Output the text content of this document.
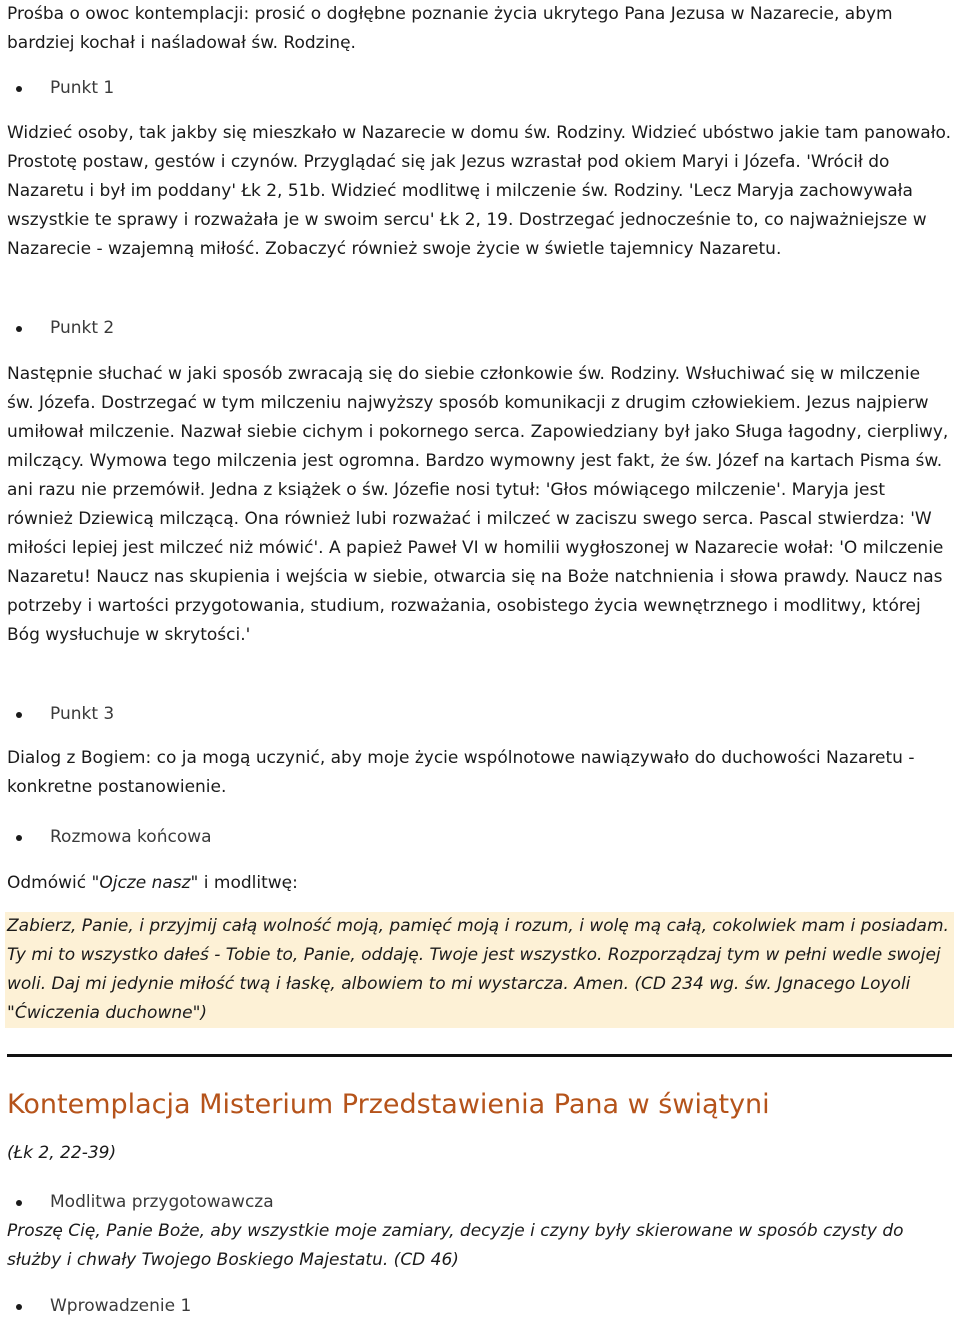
Prośba o owoc kontemplacji: prosić o dogłębne poznanie życia ukrytego Pana Jezusa w Nazarecie, abym bardziej kochał i naśladował św. Rodzinę.

Punkt 1

Widzieć osoby, tak jakby się mieszkało w Nazarecie w domu św. Rodziny. Widzieć ubóstwo jakie tam panowało. Prostotę postaw, gestów i czynów. Przyglądać się jak Jezus wzrastał pod okiem Maryi i Józefa. 'Wrócił do Nazaretu i był im poddany' Łk 2, 51b. Widzieć modlitwę i milczenie św. Rodziny. 'Lecz Maryja zachowywała wszystkie te sprawy i rozważała je w swoim sercu' Łk 2, 19. Dostrzegać jednocześnie to, co najważniejsze w Nazarecie - wzajemną miłość. Zobaczyć również swoje życie w świetle tajemnicy Nazaretu.

Punkt 2

Następnie słuchać w jaki sposób zwracają się do siebie członkowie św. Rodziny. Wsłuchiwać się w milczenie św. Józefa. Dostrzegać w tym milczeniu najwyższy sposób komunikacji z drugim człowiekiem. Jezus najpierw umiłował milczenie. Nazwał siebie cichym i pokornego serca. Zapowiedziany był jako Sługa łagodny, cierpliwy, milczący. Wymowa tego milczenia jest ogromna. Bardzo wymowny jest fakt, że św. Józef na kartach Pisma św. ani razu nie przemówił. Jedna z książek o św. Józefie nosi tytuł: 'Głos mówiącego milczenie'. Maryja jest również Dziewicą milczącą. Ona również lubi rozważać i milczeć w zaciszu swego serca. Pascal stwierdza: 'W miłości lepiej jest milczeć niż mówić'. A papież Paweł VI w homilii wygłoszonej w Nazarecie wołał: 'O milczenie Nazaretu! Naucz nas skupienia i wejścia w siebie, otwarcia się na Boże natchnienia i słowa prawdy. Naucz nas potrzeby i wartości przygotowania, studium, rozważania, osobistego życia wewnętrznego i modlitwy, której Bóg wysłuchuje w skrytości.'

Punkt 3

Dialog z Bogiem: co ja mogą uczynić, aby moje życie wspólnotowe nawiązywało do duchowości Nazaretu - konkretne postanowienie.

Rozmowa końcowa

Odmówić "Ojcze nasz" i modlitwę:

Zabierz, Panie, i przyjmij całą wolność moją, pamięć moją i rozum, i wolę mą całą, cokolwiek mam i posiadam. Ty mi to wszystko dałeś - Tobie to, Panie, oddaję. Twoje jest wszystko. Rozporządzaj tym w pełni wedle swojej woli. Daj mi jedynie miłość twą i łaskę, albowiem to mi wystarcza. Amen. (CD 234 wg. św. Jgnacego Loyoli "Ćwiczenia duchowne")

Kontemplacja Misterium Przedstawienia Pana w świątyni

(Łk 2, 22-39)

Modlitwa przygotowawcza

Proszę Cię, Panie Boże, aby wszystkie moje zamiary, decyzje i czyny były skierowane w sposób czysty do służby i chwały Twojego Boskiego Majestatu. (CD 46)

Wprowadzenie 1
